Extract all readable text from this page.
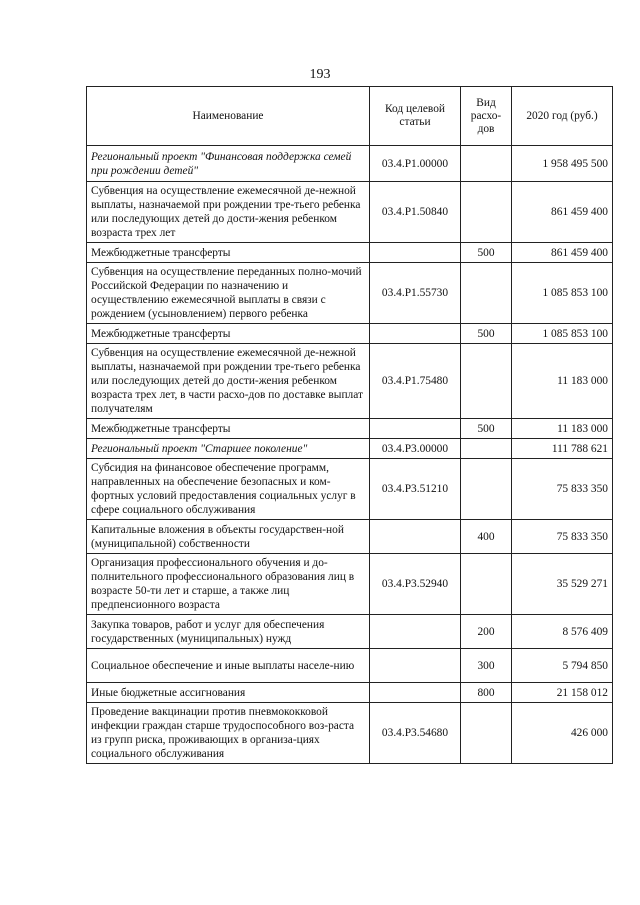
193
Наименование	Код целевой статьи	Вид расхо-дов	2020 год (руб.)
Региональный проект "Финансовая поддержка семей при рождении детей"	03.4.P1.00000		1 958 495 500
Субвенция на осуществление ежемесячной де-нежной выплаты, назначаемой при рождении тре-тьего ребенка или последующих детей до дости-жения ребенком возраста трех лет	03.4.P1.50840		861 459 400
Межбюджетные трансферты		500	861 459 400
Субвенция на осуществление переданных полно-мочий Российской Федерации по назначению и осуществлению ежемесячной выплаты в связи с рождением (усыновлением) первого ребенка	03.4.P1.55730		1 085 853 100
Межбюджетные трансферты		500	1 085 853 100
Субвенция на осуществление ежемесячной де-нежной выплаты, назначаемой при рождении тре-тьего ребенка или последующих детей до дости-жения ребенком возраста трех лет, в части расхо-дов по доставке выплат получателям	03.4.P1.75480		11 183 000
Межбюджетные трансферты		500	11 183 000
Региональный проект "Старшее поколение"	03.4.P3.00000		111 788 621
Субсидия на финансовое обеспечение программ, направленных на обеспечение безопасных и ком-фортных условий предоставления социальных услуг в сфере социального обслуживания	03.4.P3.51210		75 833 350
Капитальные вложения в объекты государствен-ной (муниципальной) собственности		400	75 833 350
Организация профессионального обучения и до-полнительного профессионального образования лиц в возрасте 50-ти лет и старше, а также лиц предпенсионного возраста	03.4.P3.52940		35 529 271
Закупка товаров, работ и услуг для обеспечения государственных (муниципальных) нужд		200	8 576 409
Социальное обеспечение и иные выплаты населе-нию		300	5 794 850
Иные бюджетные ассигнования		800	21 158 012
Проведение вакцинации против пневмококковой инфекции граждан старше трудоспособного воз-раста из групп риска, проживающих в организа-циях социального обслуживания	03.4.P3.54680		426 000
